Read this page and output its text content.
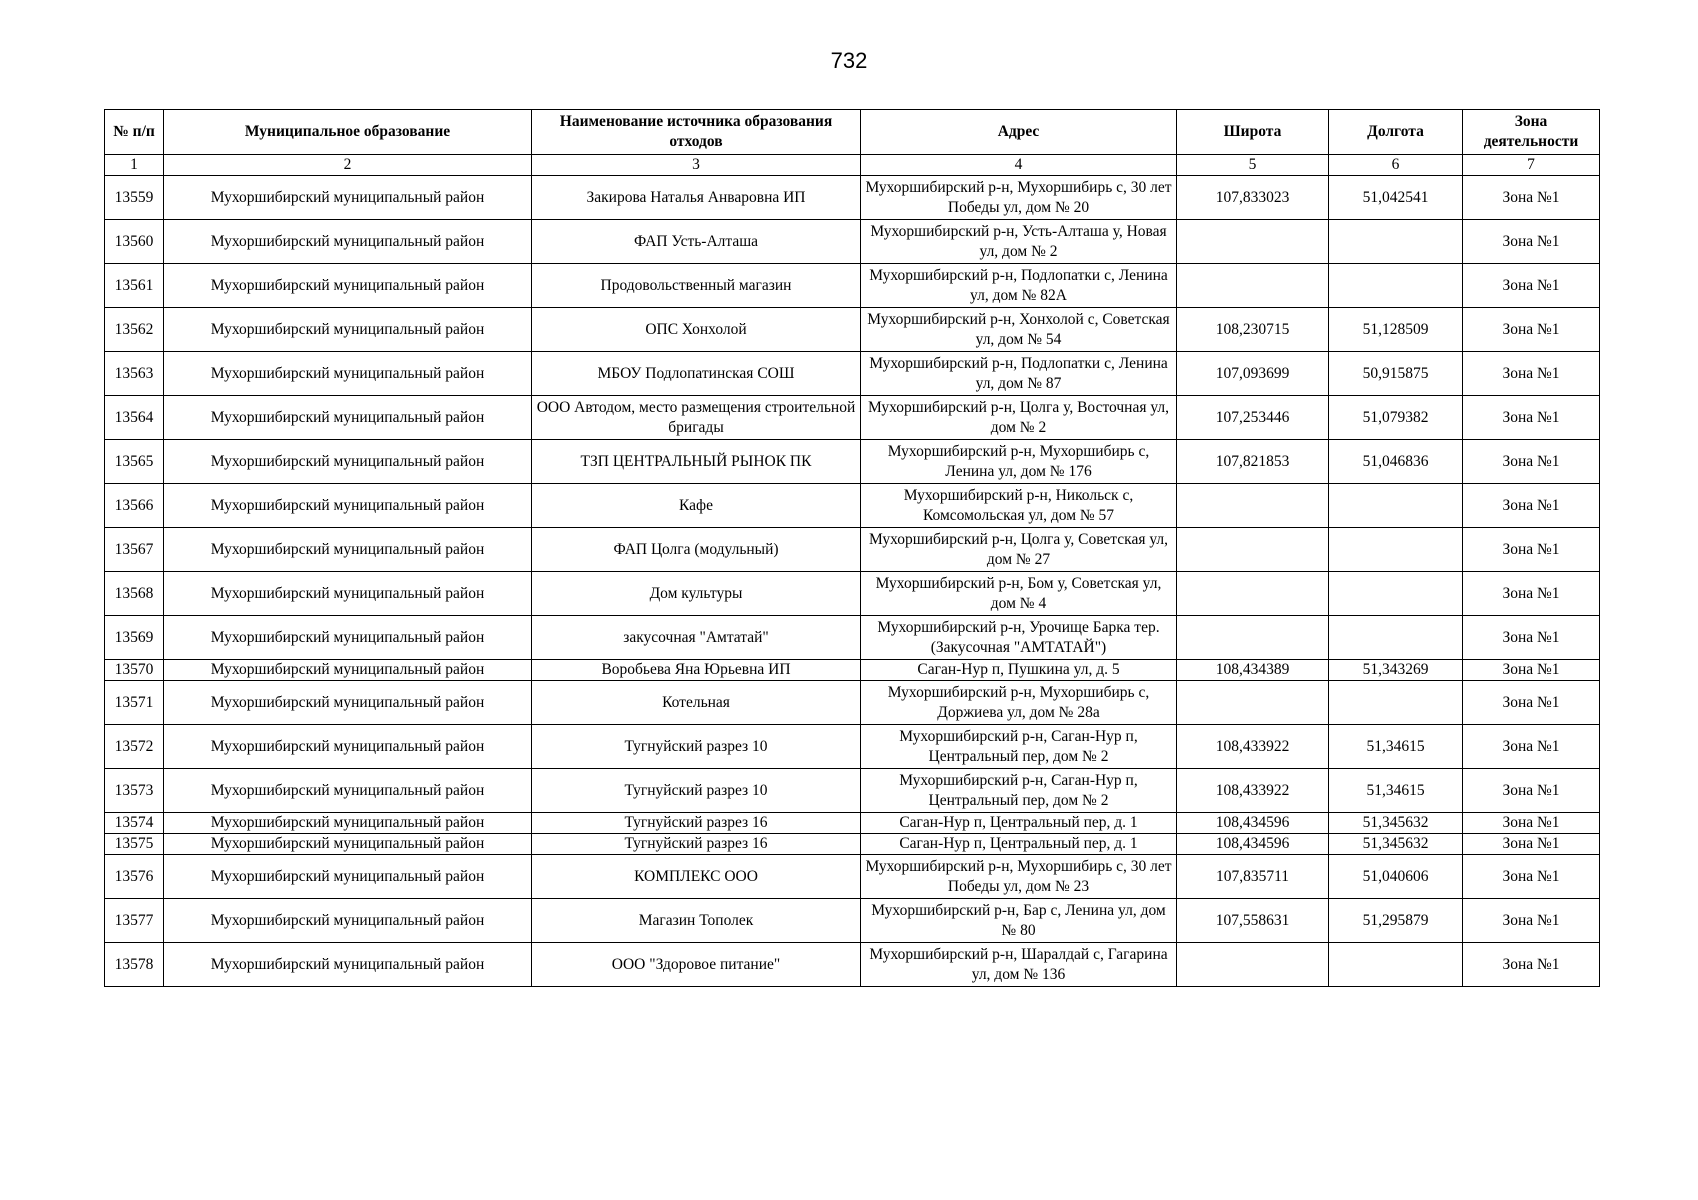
732
№ п/п	Муниципальное образование	Наименование источника образования отходов	Адрес	Широта	Долгота	Зона деятельности
1	2	3	4	5	6	7
13559	Мухоршибирский муниципальный район	Закирова Наталья Анваровна ИП	Мухоршибирский р-н, Мухоршибирь с, 30 лет Победы ул, дом № 20	107,833023	51,042541	Зона №1
13560	Мухоршибирский муниципальный район	ФАП Усть-Алташа	Мухоршибирский р-н, Усть-Алташа у, Новая ул, дом № 2			Зона №1
13561	Мухоршибирский муниципальный район	Продовольственный магазин	Мухоршибирский р-н, Подлопатки с, Ленина ул, дом № 82А			Зона №1
13562	Мухоршибирский муниципальный район	ОПС Хонхолой	Мухоршибирский р-н, Хонхолой с, Советская ул, дом № 54	108,230715	51,128509	Зона №1
13563	Мухоршибирский муниципальный район	МБОУ Подлопатинская СОШ	Мухоршибирский р-н, Подлопатки с, Ленина ул, дом № 87	107,093699	50,915875	Зона №1
13564	Мухоршибирский муниципальный район	ООО Автодом, место размещения строительной бригады	Мухоршибирский р-н, Цолга у, Восточная ул, дом № 2	107,253446	51,079382	Зона №1
13565	Мухоршибирский муниципальный район	ТЗП ЦЕНТРАЛЬНЫЙ РЫНОК ПК	Мухоршибирский р-н, Мухоршибирь с, Ленина ул, дом № 176	107,821853	51,046836	Зона №1
13566	Мухоршибирский муниципальный район	Кафе	Мухоршибирский р-н, Никольск с, Комсомольская ул, дом № 57			Зона №1
13567	Мухоршибирский муниципальный район	ФАП Цолга (модульный)	Мухоршибирский р-н, Цолга у, Советская ул, дом № 27			Зона №1
13568	Мухоршибирский муниципальный район	Дом культуры	Мухоршибирский р-н, Бом у, Советская ул, дом № 4			Зона №1
13569	Мухоршибирский муниципальный район	закусочная "Амтатай"	Мухоршибирский р-н, Урочище Барка тер. (Закусочная "АМТАТАЙ")			Зона №1
13570	Мухоршибирский муниципальный район	Воробьева Яна Юрьевна ИП	Саган-Нур п, Пушкина ул, д. 5	108,434389	51,343269	Зона №1
13571	Мухоршибирский муниципальный район	Котельная	Мухоршибирский р-н, Мухоршибирь с, Доржиева ул, дом № 28а			Зона №1
13572	Мухоршибирский муниципальный район	Тугнуйский разрез 10	Мухоршибирский р-н, Саган-Нур п, Центральный пер, дом № 2	108,433922	51,34615	Зона №1
13573	Мухоршибирский муниципальный район	Тугнуйский разрез 10	Мухоршибирский р-н, Саган-Нур п, Центральный пер, дом № 2	108,433922	51,34615	Зона №1
13574	Мухоршибирский муниципальный район	Тугнуйский разрез 16	Саган-Нур п, Центральный пер, д. 1	108,434596	51,345632	Зона №1
13575	Мухоршибирский муниципальный район	Тугнуйский разрез 16	Саган-Нур п, Центральный пер, д. 1	108,434596	51,345632	Зона №1
13576	Мухоршибирский муниципальный район	КОМПЛЕКС ООО	Мухоршибирский р-н, Мухоршибирь с, 30 лет Победы ул, дом № 23	107,835711	51,040606	Зона №1
13577	Мухоршибирский муниципальный район	Магазин Тополек	Мухоршибирский р-н, Бар с, Ленина ул, дом № 80	107,558631	51,295879	Зона №1
13578	Мухоршибирский муниципальный район	ООО "Здоровое питание"	Мухоршибирский р-н, Шаралдай с, Гагарина ул, дом № 136			Зона №1
